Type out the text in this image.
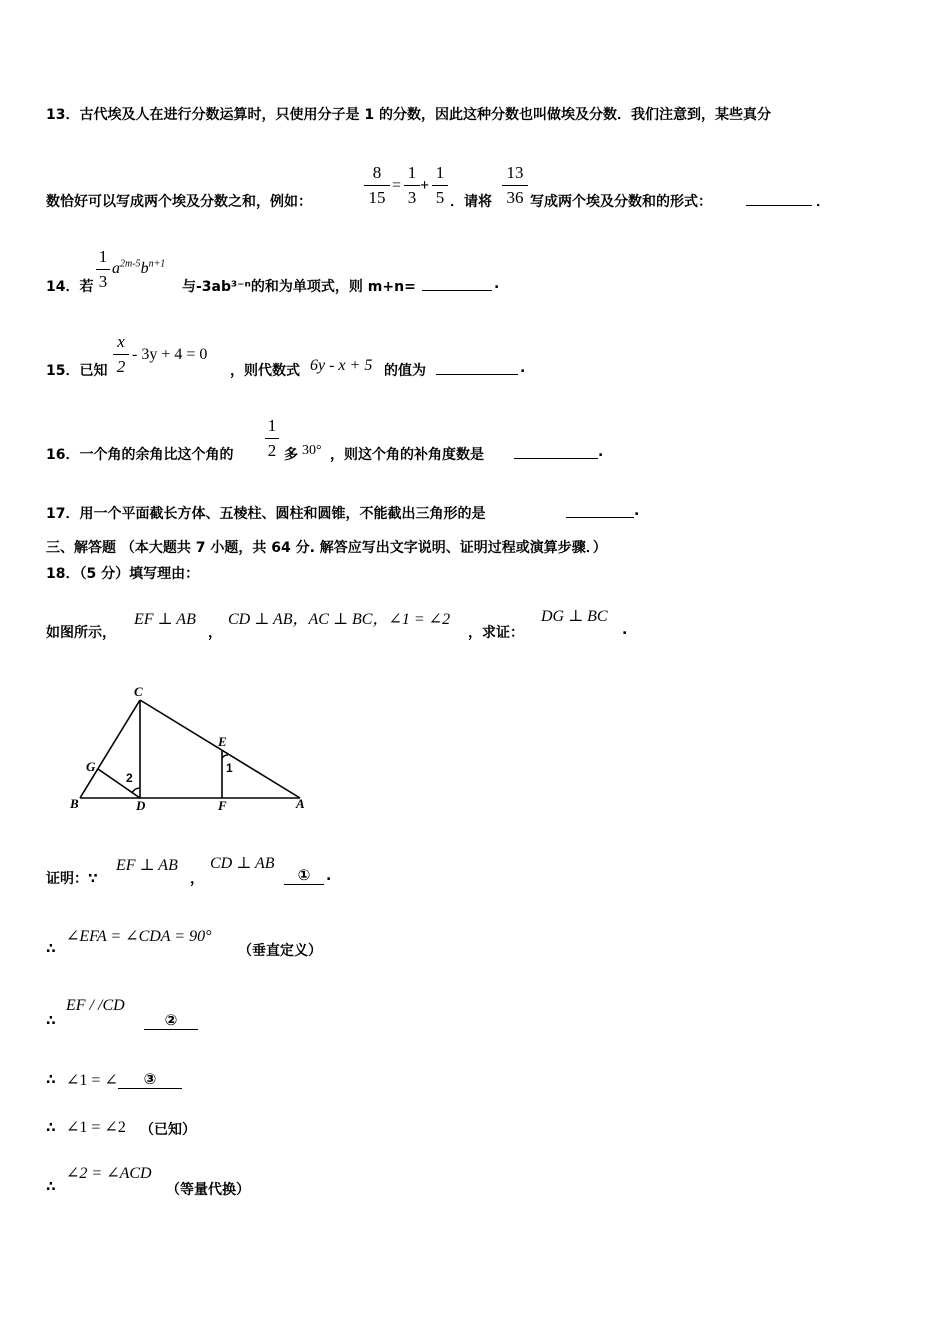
13．古代埃及人在进行分数运算时，只使用分子是 1 的分数，因此这种分数也叫做埃及分数．我们注意到，某些真分
数恰好可以写成两个埃及分数之和，例如：
8
15
=
1
3
+
1
5 ．请将
13
36 写成两个埃及分数和的形式：	．
14．若
1
3
$a^{2m-5}b^{n+1}$
与-3ab³⁻ⁿ的和为单项式，则 m+n=	.
15．已知
x
2
- 3y + 4 = 0
，则代数式 6y - x + 5 的值为	.
16．一个角的余角比这个角的
1
2 多 30° ，则这个角的补角度数是	.
17．用一个平面截长方体、五棱柱、圆柱和圆锥，不能截出三角形的是	.
三、解答题 （本大题共 7 小题，共 64 分. 解答应写出文字说明、证明过程或演算步骤．）
18．（5 分）填写理由：
如图所示，
EF ⊥ AB
，
CD ⊥ AB，AC ⊥ BC，∠1 = ∠2
，求证：
DG ⊥ BC
.
C
E
G
B	D	F	A
1
2
证明：∵
EF ⊥ AB
，
CD ⊥ AB
①	.
∴
∠EFA = ∠CDA = 90°
（垂直定义）
∴
EF / /CD
②
∴ ∠1 = ∠	③
∴ ∠1 = ∠2 （已知）
∴
∠2 = ∠ACD
（等量代换）
